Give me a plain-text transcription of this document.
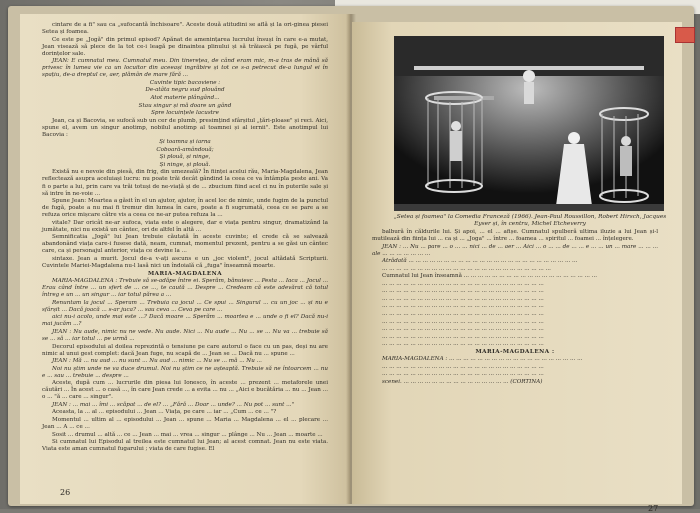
cintare de a fi" sau ca „sufocantă închisoare". Aceste două atitudini se află și la ori-ginea piesei Setea și foamea.

Ce este pe „Jogă" din primul episod? Apănat de amenințarea lucrului însuși în care e-a mutat, Jean visează să plece de la tot ce-i leagă pe dinaintea plinului și să trăiască pe fugă, pe vârful dorințelor sale.

JEAN: E cumnatul meu. Cumnatul meu. Din tinerețea, de când eram mic, m-a tras de mână să privesc în lumea vie ca un locuitor din aceeași ingrăbire și tot ce s-a petrecut de-a lungul ei în spațiu, de-a dreptul ce, aer, plămân de mare fără ...

Cuvinte tipic bacoviene :

De-atâta negru sud plouând

Atot materie plângând...

Stau singur și mă doare un gând

Spre locuințele lacustre

Jean, ca și Bacovia, se sufocă sub un cer de plumb, presimțind sfârșitul „țări-ploase" și reci. Aici, spune el, avem un singur anotimp, nobilul anotimp al toamnei și al iernii". Este anotimpul lui Bacovia :

Și toamna și iarna

Coboară-amândouă;

Și plouă, și ninge,

Și ninge, și plouă.

Există nu e nevoie din piesă, din frig, din umezeală? În ființei acelui rău, Maria-Magdalena, Jean reflectează asupra aceluiași lucru: nu poate trăi decât gândind la ceea ce va întâmpla peste ani. Va fi o parte a lui, prin care va trăi totuși de ne-viață și de ... zbucium fiind acel ci nu în puterile sale și să intre în ne-voie ...

Spune Jean: Moartea a găsit în el un ajutor, ajutor, în acel loc de nimic, unde fugim de la punctul de fugă, poate a nu mai fi tremur din lumea în care, poate a fi sugrumată, ceea ce se pare a se refuza orice mișcare către vis a ceea ce ne-ar putea refuza la ...

vitale? Dar oricât ne-ar sufoca, viata este o alegere, dar e viața pentru singur, dramatizând la jumătate, nici nu există un cântec, ori de altfel în altă ...

Semnificatia „Jogă" lui Jean trebuie căutată în aceste cuvinte; el crede că se salvează abandonând viața care-i fusese dată, neam, cumnat, momentul prezent, pentru a se găsi un cântec care, ca și personajul anterior, viața ce devine la ...

sintaxe. Jean a murit. Jocul de-a v-ați ascuns e un „joc violent", jocul altădată Scripturii. Cuvintele Mariei-Magdalena nu-l lasă nici un îndoială că „fuga" înseamnă moarte.

MARIA-MAGDALENA

MARIA-MAGDALENA : Trebuie să se-adăpe între ei. Sperăm, bănuiesc ... Pesta ... Iaca ... Jocul ... Erau când între ... un sfert de ... ce ..., te caută ... Despre ... Credeam că este adevărat că totul întreg e un ... un singur ... iar totul părea a ...

Renuntam la jocul ... Speram ... Trebuia ca jocul ... Ce spui ... Singurul ... cu un joc ... și nu e sfârșit ... Dacă joacă ... s-ar juca? ... sau ceva ... Ceva pe care ...

aici nu-i acolo, unde mai este ...? Dacă moare ... Sperăm ... moartea e ... unde o fi el? Dacă nu-i mai jucăm ...?

JEAN : Nu aude, nimic nu ne vede. Nu aude. Nici ... Nu aude ... Nu ... se ... Nu va ... trebuie să se ... să ... iar totul ... pe urmă ...

Decorul episodului al doilea reprezintă o tensiune pe care autorul o face cu un pas, deși nu are nimic al unui gest complet: dacă Jean fuge, nu scapă de ... Jean se ... Dacă nu ... spune ...

JEAN : Mă ... nu aud ... nu sunt ... Nu aud ... nimic ... Nu se ... mă ... Nu ...

Noi nu știm unde ne va duce drumul. Noi nu știm ce ne așteaptă. Trebuie să ne întoarcem ... nu e ... sau ... trebuie ... despre ...

Aceste, după cum ... lucrurile din piesa lui Ionesco, în aceste ... prezent ... metaforele unei căutări ... În acest ... o casă ..., în care Jean crede ... a evita ... nu ... „Aici e bucătăria ... nu ... Jean ... o ... "ă ... care ... singur".

JEAN : ... mai ... îmi ... scăpat ... de el? ... „Fără ... Doar ... unde? ... Nu pot ... sunt ..."

Aceasta, la ... al ... episodului ... Jean ... Viața, pe care ... iar ... „Cum ... ce ... "?

Momentul ... ultim al ... episodului ... Jean ... spune ... Maria ... Magdalena ... el ... plecare ... Jean ... A ... ce ...

Sosit ... drumul ... altă ... ce ... Jean ... mai ... vrea ... singur ... plânge ... Nu ... Jean ... moarte ...

Si cumnatul lui Episodul al treilea este cumnatul lui Jean; al acest comnat. Jean nu este viata. Viata este aman cumnatul fugarului ; viata de care fugise. El

26
„Setea și foamea" la Comedia Franceză (1966). Jean-Paul Roussillon, Robert Hirsch, Jacques Eyser și, în centru, Michel Etcheverry

balbură în căldurile lui. Și apoi, ... el ... afișe. Cumnatul spulberă ultima iluzie a lui Jean și-l mutilează din ființa lui ... ca și ... „Joga" ... între ... foamea ... spiritul ... foamei ... înțelegere.

JEAN : ... Nu ... pare ... o ... ... nici ... de ... aer ... Aici ... o ... ... de ... ... e ... ... un ... mare ... ... ... ale ... ... ... ... ... ... ...

Atrădată ... ... ... ... ... ... ... ... ... ... ... ... ... ... ... ... ... ... ... ... ... ... ... ...

... ... ... ... ... ... ... ... ... ... ... ... ... ... ... ... ... ... ... ... ... ... ... ...

Cumnatul lui Jean înseamnă ... ... ... ... ... ... ... ... ... ... ... ... ... ... ... ... ... ... ...

... ... ... ... ... ... ... ... ... ... ... ... ... ... ... ... ... ... ... ... ... ... ...

... ... ... ... ... ... ... ... ... ... ... ... ... ... ... ... ... ... ... ... ... ... ...

... ... ... ... ... ... ... ... ... ... ... ... ... ... ... ... ... ... ... ... ... ... ...

... ... ... ... ... ... ... ... ... ... ... ... ... ... ... ... ... ... ... ... ... ... ...

... ... ... ... ... ... ... ... ... ... ... ... ... ... ... ... ... ... ... ... ... ... ...

... ... ... ... ... ... ... ... ... ... ... ... ... ... ... ... ... ... ... ... ... ... ...

... ... ... ... ... ... ... ... ... ... ... ... ... ... ... ... ... ... ... ... ... ... ...

... ... ... ... ... ... ... ... ... ... ... ... ... ... ... ... ... ... ... ... ... ... ...

... ... ... ... ... ... ... ... ... ... ... ... ... ... ... ... ... ... ... ... ... ... ...

MARIA-MAGDALENA :

MARIA-MAGDALENA : ... ... ... ... ... ... ... ... ... ... ... ... ... ... ... ... ... ... ...

... ... ... ... ... ... ... ... ... ... ... ... ... ... ... ... ... ... ... ... ... ... ...

... ... ... ... ... ... ... ... ... ... ... ... ... ... ... ... ... ... ... ... ... ... ...

scenei. ... ... ... ... ... ... ... ... ... ... ... ... ... ... ... (CORTINA)

27
